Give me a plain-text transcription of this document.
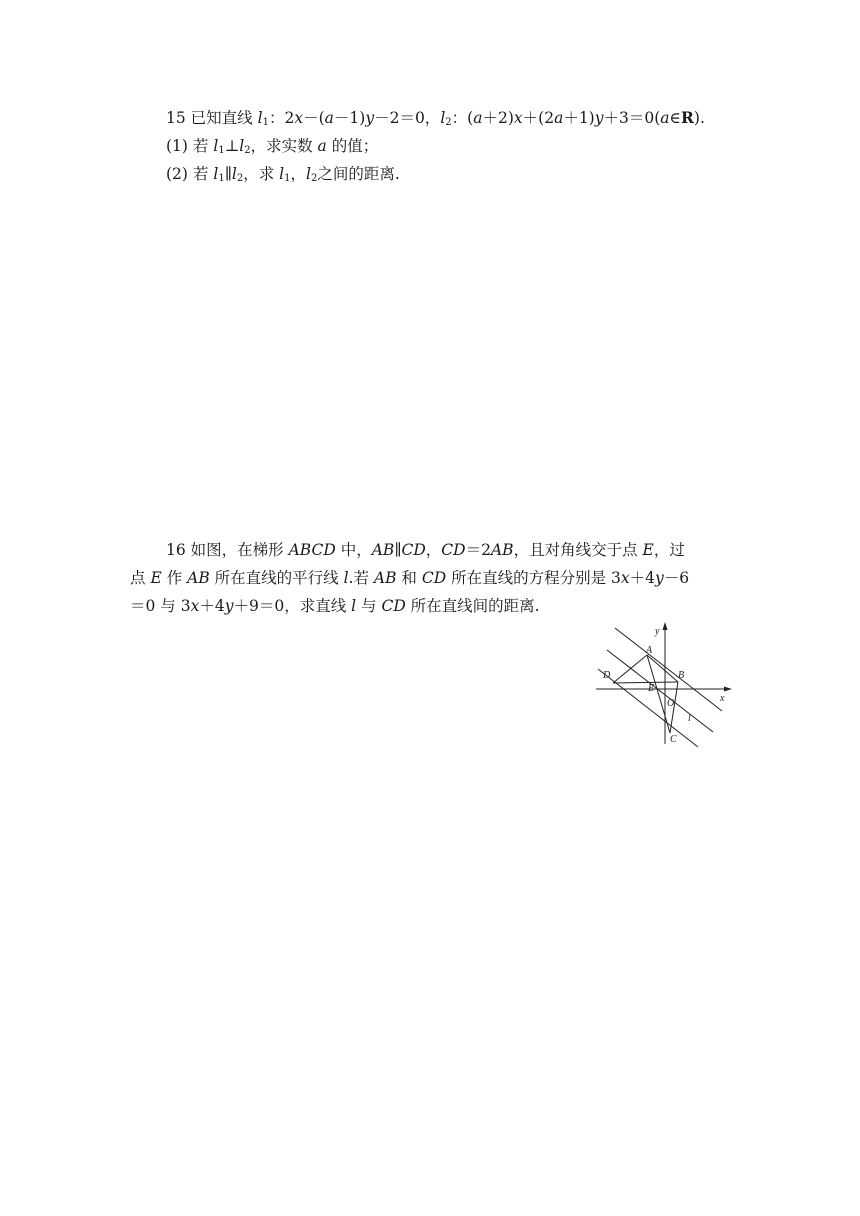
15 已知直线 $l_1$：2x－(a－1)y－2＝0，$l_2$：(a＋2)x＋(2a＋1)y＋3＝0(a∈R).
(1) 若 $l_1\perp l_2$，求实数 a 的值；
(2) 若 $l_1\parallel l_2$，求 $l_1$，$l_2$之间的距离.
16 如图，在梯形 ABCD 中，AB∥CD，CD＝2AB，且对角线交于点 E，过
点 E 作 AB 所在直线的平行线 l.若 AB 和 CD 所在直线的方程分别是 3x＋4y－6
＝0 与 3x＋4y＋9＝0，求直线 l 与 CD 所在直线间的距离.
y
x
A
B
C
D
E
O
l
